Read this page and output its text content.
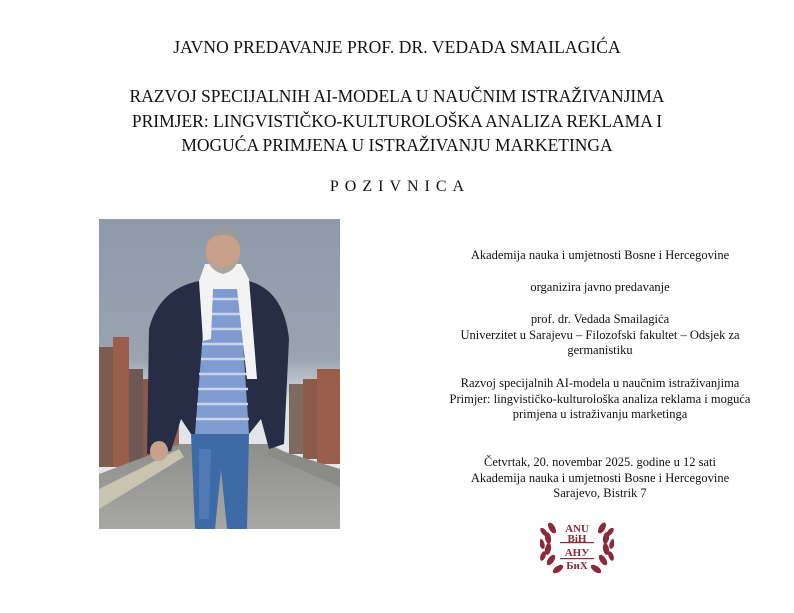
JAVNO PREDAVANJE PROF. DR. VEDADA SMAILAGIĆA
RAZVOJ SPECIJALNIH AI-MODELA U NAUČNIM ISTRAŽIVANJIMA
PRIMJER: LINGVISTIČKO-KULTUROLOŠKA ANALIZA REKLAMA I
MOGUĆA PRIMJENA U ISTRAŽIVANJU MARKETINGA
POZIVNICA
Akademija nauka i umjetnosti Bosne i Hercegovine
organizira javno predavanje
prof. dr. Vedada Smailagića
Univerzitet u Sarajevu – Filozofski fakultet – Odsjek za
germanistiku
Razvoj specijalnih AI-modela u naučnim istraživanjima
Primjer: lingvističko-kulturološka analiza reklama i moguća
primjena u istraživanju marketinga
Četvrtak, 20. novembar 2025. godine u 12 sati
Akademija nauka i umjetnosti Bosne i Hercegovine
Sarajevo, Bistrik 7
ANU
BiH
АНУ
БиХ
